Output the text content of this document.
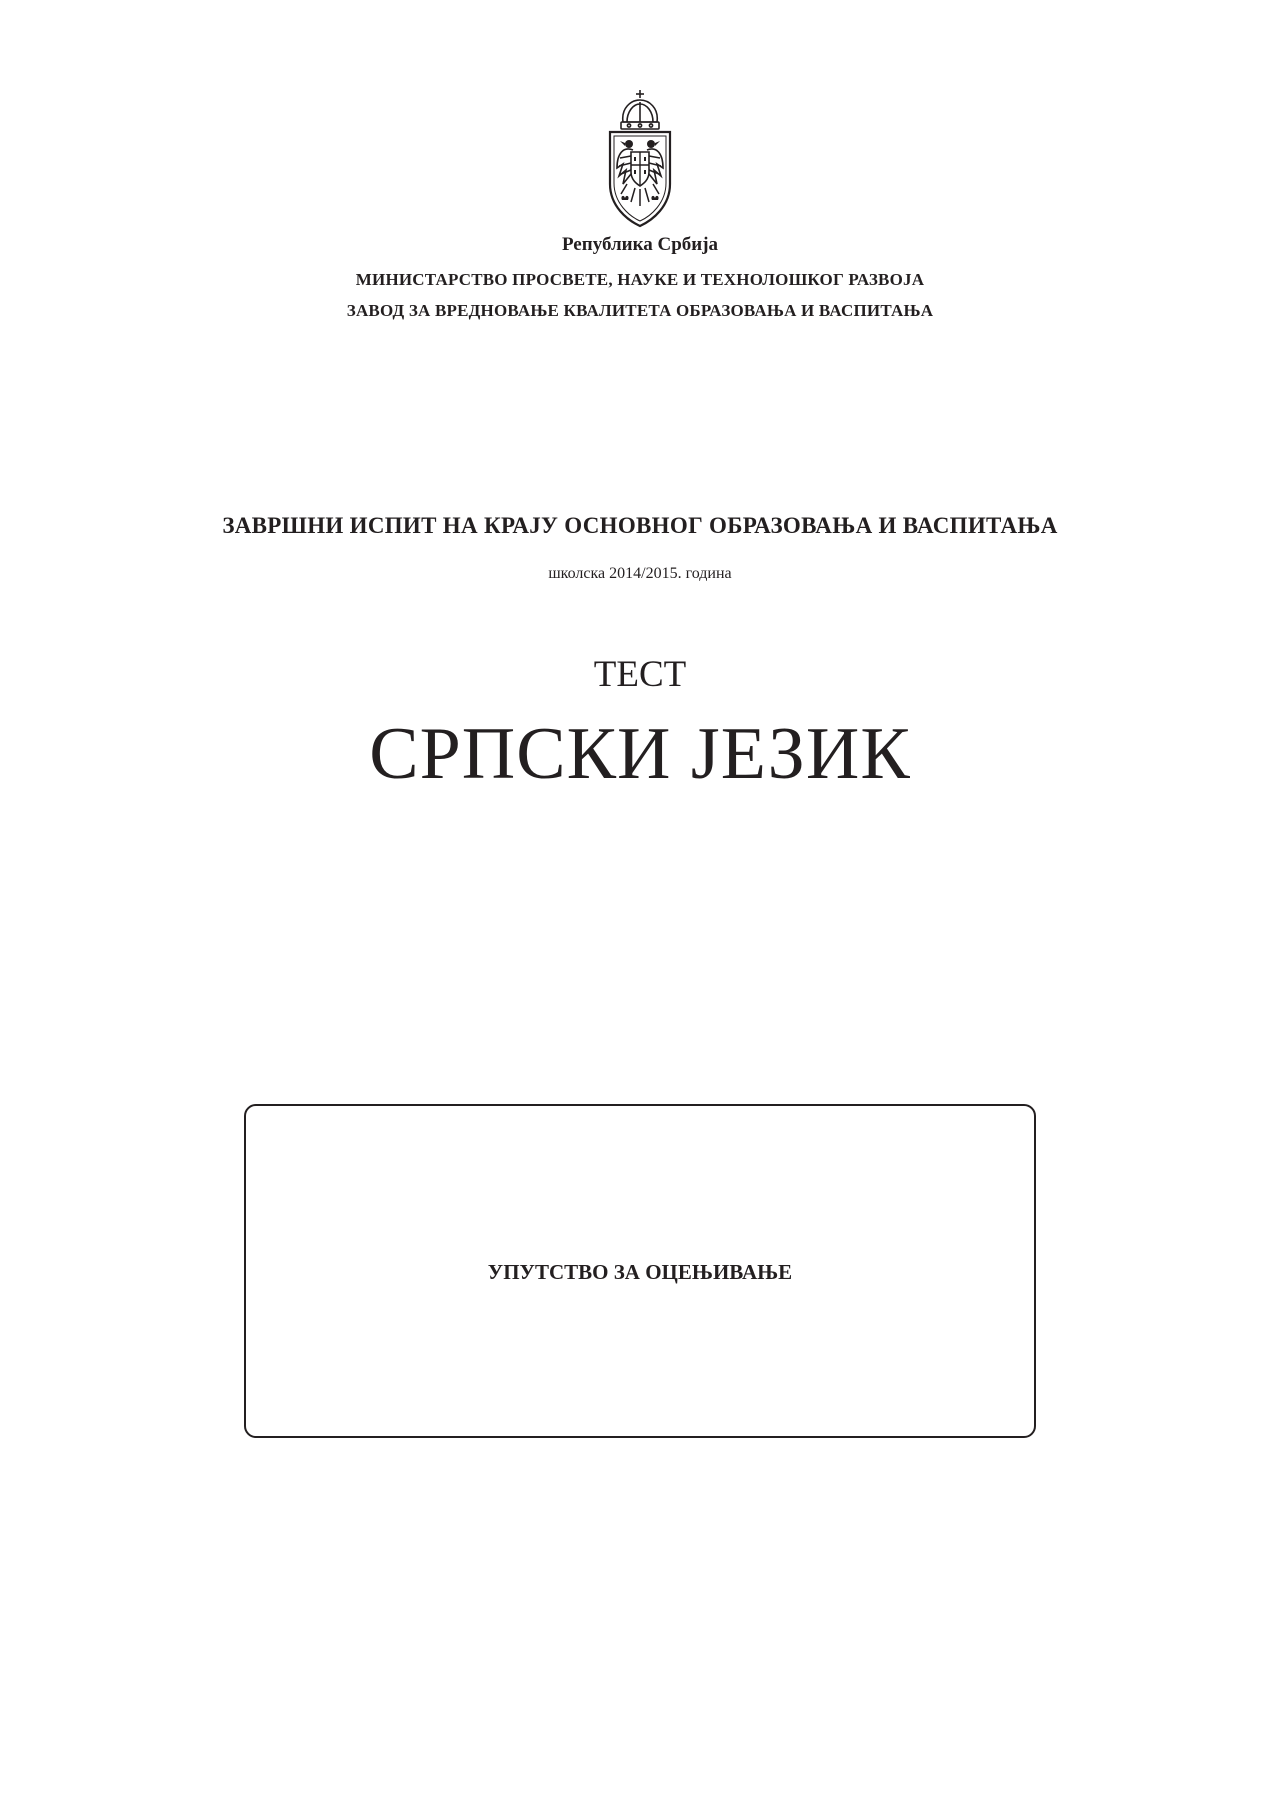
Република Србија
МИНИСТАРСТВО ПРОСВЕТЕ, НАУКЕ И ТЕХНОЛОШКОГ РАЗВОЈА
ЗАВОД ЗА ВРЕДНОВАЊЕ КВАЛИТЕТА ОБРАЗОВАЊА И ВАСПИТАЊА
ЗАВРШНИ ИСПИТ НА КРАЈУ ОСНОВНОГ ОБРАЗОВАЊА И ВАСПИТАЊА
школска 2014/2015. година
ТЕСТ
СРПСКИ ЈЕЗИК
УПУТСТВО ЗА ОЦЕЊИВАЊЕ
